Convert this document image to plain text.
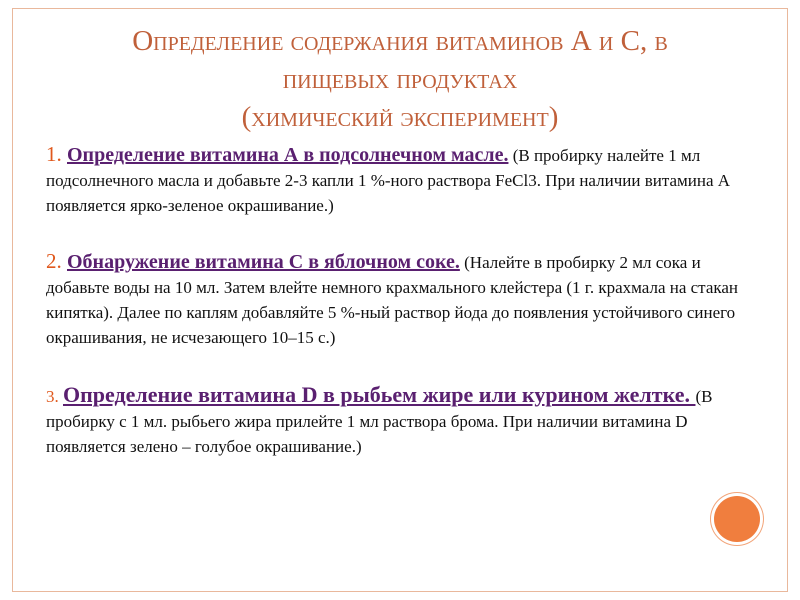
Определение содержания витаминов А и С, в
пищевых продуктах
(химический эксперимент)

1. Определение витамина А в подсолнечном масле. (В пробирку налейте 1 мл подсолнечного масла и добавьте 2-3 капли 1 %-ного раствора FeCl3. При наличии витамина А появляется ярко-зеленое окрашивание.)

2. Обнаружение витамина С в яблочном соке. (Налейте в пробирку 2 мл сока и добавьте воды на 10 мл. Затем влейте немного крахмального клейстера (1 г. крахмала на стакан кипятка). Далее по каплям добавляйте 5 %-ный раствор йода до появления устойчивого синего окрашивания, не исчезающего 10–15 с.)

3. Определение витамина D в рыбьем жире или курином желтке. (В пробирку с 1 мл. рыбьего жира прилейте 1 мл раствора брома. При наличии витамина D появляется зелено – голубое окрашивание.)
